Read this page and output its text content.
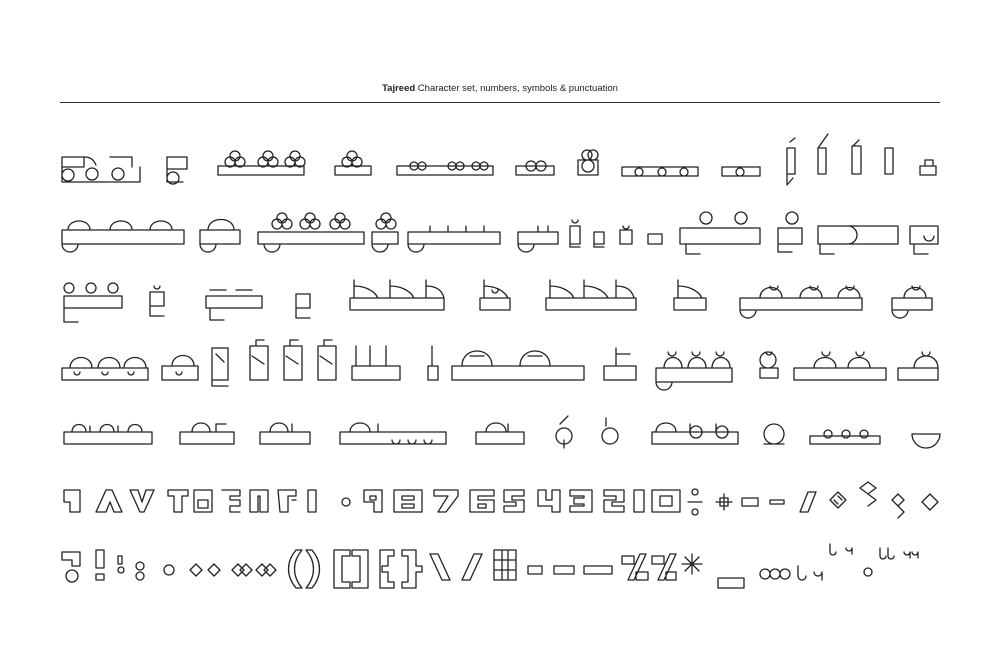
Tajreed Character set, numbers, symbols & punctuation
